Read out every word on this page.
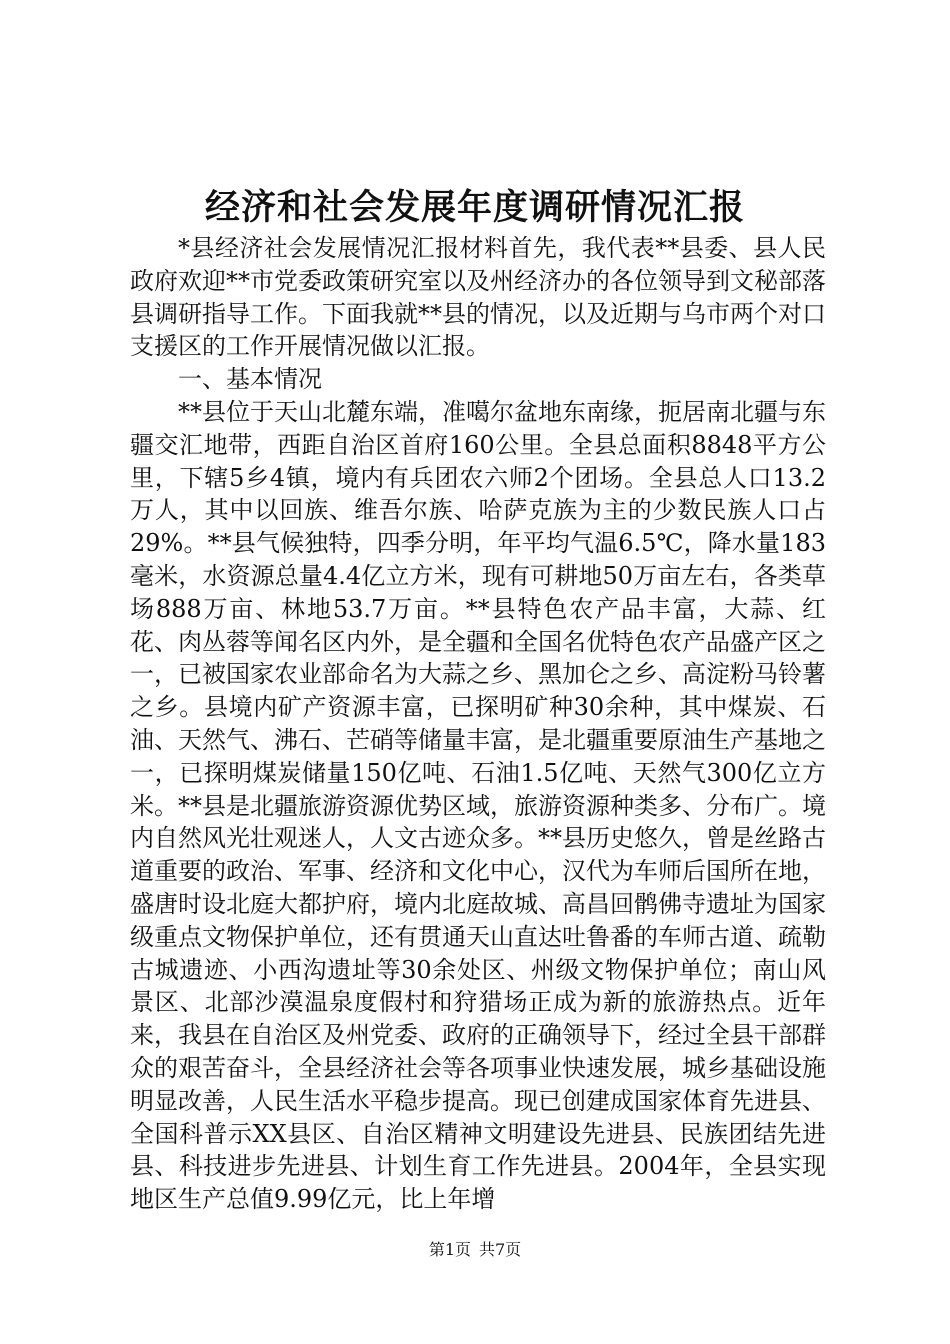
经济和社会发展年度调研情况汇报

*县经济社会发展情况汇报材料首先，我代表**县委、县人民政府欢迎**市党委政策研究室以及州经济办的各位领导到文秘部落县调研指导工作。下面我就**县的情况，以及近期与乌市两个对口支援区的工作开展情况做以汇报。

一、基本情况

**县位于天山北麓东端，准噶尔盆地东南缘，扼居南北疆与东疆交汇地带，西距自治区首府160公里。全县总面积8848平方公里，下辖5乡4镇，境内有兵团农六师2个团场。全县总人口13.2万人，其中以回族、维吾尔族、哈萨克族为主的少数民族人口占29%。**县气候独特，四季分明，年平均气温6.5℃，降水量183毫米，水资源总量4.4亿立方米，现有可耕地50万亩左右，各类草场888万亩、林地53.7万亩。**县特色农产品丰富，大蒜、红花、肉丛蓉等闻名区内外，是全疆和全国名优特色农产品盛产区之一，已被国家农业部命名为大蒜之乡、黑加仑之乡、高淀粉马铃薯之乡。县境内矿产资源丰富，已探明矿种30余种，其中煤炭、石油、天然气、沸石、芒硝等储量丰富，是北疆重要原油生产基地之一，已探明煤炭储量150亿吨、石油1.5亿吨、天然气300亿立方米。**县是北疆旅游资源优势区域，旅游资源种类多、分布广。境内自然风光壮观迷人，人文古迹众多。**县历史悠久，曾是丝路古道重要的政治、军事、经济和文化中心，汉代为车师后国所在地，盛唐时设北庭大都护府，境内北庭故城、高昌回鹘佛寺遗址为国家级重点文物保护单位，还有贯通天山直达吐鲁番的车师古道、疏勒古城遗迹、小西沟遗址等30余处区、州级文物保护单位；南山风景区、北部沙漠温泉度假村和狩猎场正成为新的旅游热点。近年来，我县在自治区及州党委、政府的正确领导下，经过全县干部群众的艰苦奋斗，全县经济社会等各项事业快速发展，城乡基础设施明显改善，人民生活水平稳步提高。现已创建成国家体育先进县、全国科普示XX县区、自治区精神文明建设先进县、民族团结先进县、科技进步先进县、计划生育工作先进县。2004年，全县实现地区生产总值9.99亿元，比上年增

第1页 共7页
